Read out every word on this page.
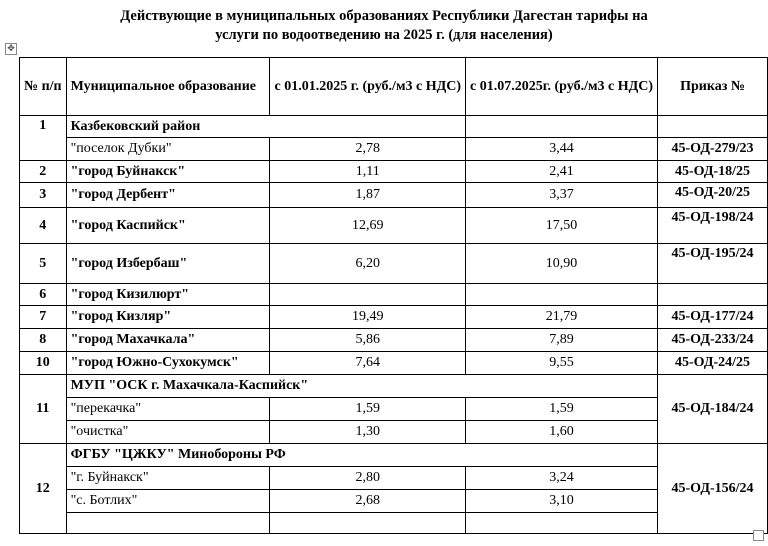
Действующие в муниципальных образованиях Республики Дагестан тарифы на
услуги по водоотведению на 2025 г. (для населения)
✥
№ п/п	Муниципальное образование	с 01.01.2025 г. (руб./м3 с НДС)	с 01.07.2025г. (руб./м3 с НДС)	Приказ №
1	Казбековский район			
	"поселок Дубки"	2,78	3,44	45-ОД-279/23
2	"город Буйнакск"	1,11	2,41	45-ОД-18/25
3	"город Дербент"	1,87	3,37	45-ОД-20/25
4	"город Каспийск"	12,69	17,50	45-ОД-198/24
5	"город Избербаш"	6,20	10,90	45-ОД-195/24
6	"город Кизилюрт"			
7	"город Кизляр"	19,49	21,79	45-ОД-177/24
8	"город Махачкала"	5,86	7,89	45-ОД-233/24
10	"город Южно-Сухокумск"	7,64	9,55	45-ОД-24/25
11	МУП "ОСК г. Махачкала-Каспийск"			45-ОД-184/24
	"перекачка"	1,59	1,59	
	"очистка"	1,30	1,60	
12	ФГБУ "ЦЖКУ" Минобороны РФ			45-ОД-156/24
	"г. Буйнакск"	2,80	3,24	
	"с. Ботлих"	2,68	3,10	
